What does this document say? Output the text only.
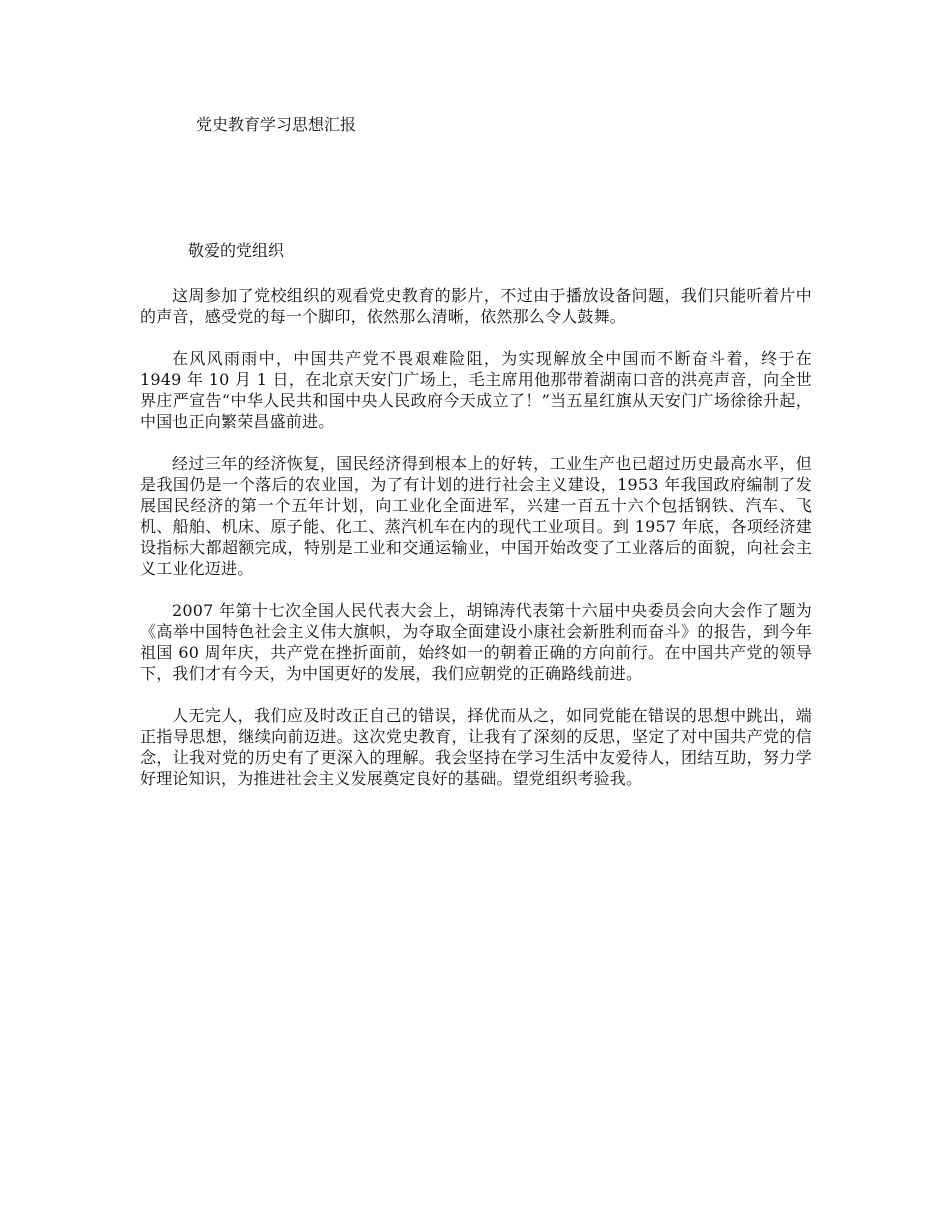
党史教育学习思想汇报
敬爱的党组织

这周参加了党校组织的观看党史教育的影片，不过由于播放设备问题，我们只能听着片中的声音，感受党的每一个脚印，依然那么清晰，依然那么令人鼓舞。

在风风雨雨中，中国共产党不畏艰难险阻，为实现解放全中国而不断奋斗着，终于在 1949 年 10 月 1 日，在北京天安门广场上，毛主席用他那带着湖南口音的洪亮声音，向全世界庄严宣告“中华人民共和国中央人民政府今天成立了！”当五星红旗从天安门广场徐徐升起，中国也正向繁荣昌盛前进。

经过三年的经济恢复，国民经济得到根本上的好转，工业生产也已超过历史最高水平，但是我国仍是一个落后的农业国，为了有计划的进行社会主义建设，1953 年我国政府编制了发展国民经济的第一个五年计划，向工业化全面进军，兴建一百五十六个包括钢铁、汽车、飞机、船舶、机床、原子能、化工、蒸汽机车在内的现代工业项目。到 1957 年底，各项经济建设指标大都超额完成，特别是工业和交通运输业，中国开始改变了工业落后的面貌，向社会主义工业化迈进。

2007 年第十七次全国人民代表大会上，胡锦涛代表第十六届中央委员会向大会作了题为《高举中国特色社会主义伟大旗帜，为夺取全面建设小康社会新胜利而奋斗》的报告，到今年祖国 60 周年庆，共产党在挫折面前，始终如一的朝着正确的方向前行。在中国共产党的领导下，我们才有今天，为中国更好的发展，我们应朝党的正确路线前进。

人无完人，我们应及时改正自己的错误，择优而从之，如同党能在错误的思想中跳出，端正指导思想，继续向前迈进。这次党史教育，让我有了深刻的反思，坚定了对中国共产党的信念，让我对党的历史有了更深入的理解。我会坚持在学习生活中友爱待人，团结互助，努力学好理论知识，为推进社会主义发展奠定良好的基础。望党组织考验我。
